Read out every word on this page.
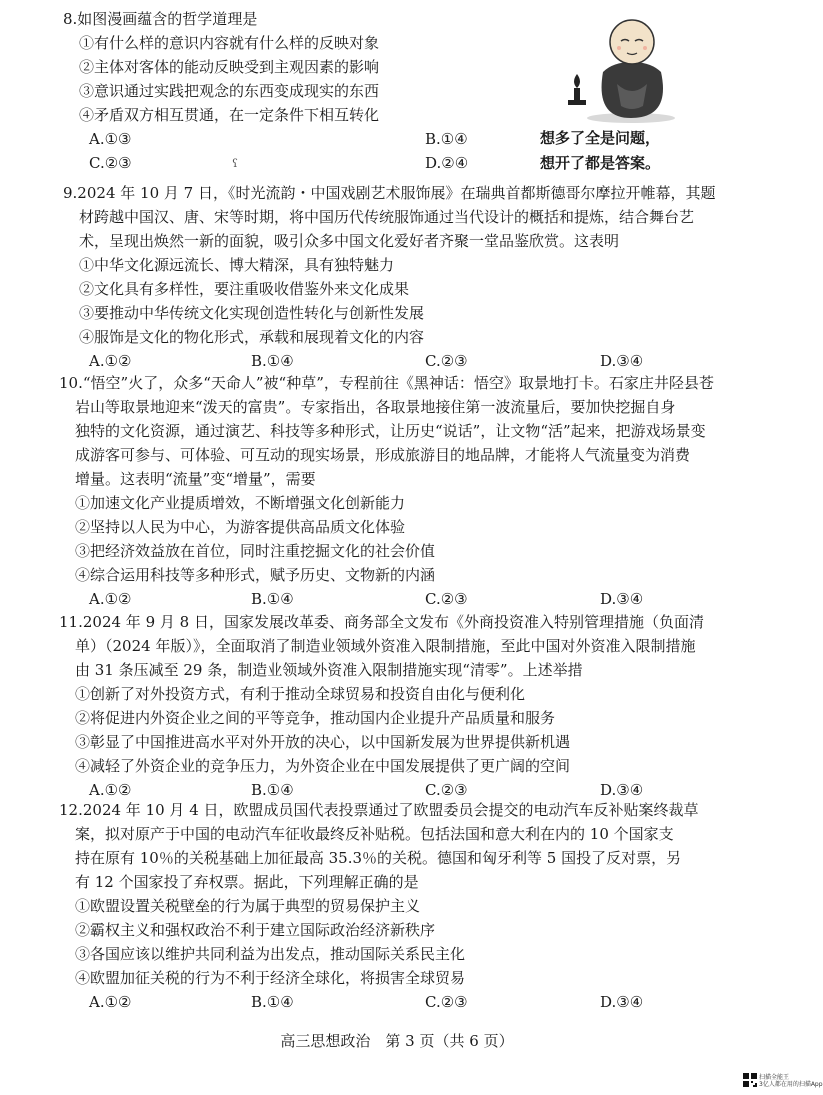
8.如图漫画蕴含的哲学道理是
①有什么样的意识内容就有什么样的反映对象
②主体对客体的能动反映受到主观因素的影响
③意识通过实践把观念的东西变成现实的东西
④矛盾双方相互贯通，在一定条件下相互转化
A.①③	B.①④
C.②③	D.②④
ʕ
想多了全是问题，
想开了都是答案。
9.2024 年 10 月 7 日，《时光流韵・中国戏剧艺术服饰展》在瑞典首都斯德哥尔摩拉开帷幕，其题
材跨越中国汉、唐、宋等时期，将中国历代传统服饰通过当代设计的概括和提炼，结合舞台艺
术，呈现出焕然一新的面貌，吸引众多中国文化爱好者齐聚一堂品鉴欣赏。这表明
①中华文化源远流长、博大精深，具有独特魅力
②文化具有多样性，要注重吸收借鉴外来文化成果
③要推动中华传统文化实现创造性转化与创新性发展
④服饰是文化的物化形式，承载和展现着文化的内容
A.①②	B.①④	C.②③	D.③④
10.“悟空”火了，众多“天命人”被“种草”，专程前往《黑神话：悟空》取景地打卡。石家庄井陉县苍
岩山等取景地迎来“泼天的富贵”。专家指出，各取景地接住第一波流量后，要加快挖掘自身
独特的文化资源，通过演艺、科技等多种形式，让历史“说话”，让文物“活”起来，把游戏场景变
成游客可参与、可体验、可互动的现实场景，形成旅游目的地品牌，才能将人气流量变为消费
增量。这表明“流量”变“增量”，需要
①加速文化产业提质增效，不断增强文化创新能力
②坚持以人民为中心，为游客提供高品质文化体验
③把经济效益放在首位，同时注重挖掘文化的社会价值
④综合运用科技等多种形式，赋予历史、文物新的内涵
A.①②	B.①④	C.②③	D.③④
11.2024 年 9 月 8 日，国家发展改革委、商务部全文发布《外商投资准入特别管理措施（负面清
单）（2024 年版）》，全面取消了制造业领域外资准入限制措施，至此中国对外资准入限制措施
由 31 条压减至 29 条，制造业领域外资准入限制措施实现“清零”。上述举措
①创新了对外投资方式，有利于推动全球贸易和投资自由化与便利化
②将促进内外资企业之间的平等竞争，推动国内企业提升产品质量和服务
③彰显了中国推进高水平对外开放的决心，以中国新发展为世界提供新机遇
④减轻了外资企业的竞争压力，为外资企业在中国发展提供了更广阔的空间
A.①②	B.①④	C.②③	D.③④
12.2024 年 10 月 4 日，欧盟成员国代表投票通过了欧盟委员会提交的电动汽车反补贴案终裁草
案，拟对原产于中国的电动汽车征收最终反补贴税。包括法国和意大利在内的 10 个国家支
持在原有 10％的关税基础上加征最高 35.3％的关税。德国和匈牙利等 5 国投了反对票，另
有 12 个国家投了弃权票。据此，下列理解正确的是
①欧盟设置关税壁垒的行为属于典型的贸易保护主义
②霸权主义和强权政治不利于建立国际政治经济新秩序
③各国应该以维护共同利益为出发点，推动国际关系民主化
④欧盟加征关税的行为不利于经济全球化，将损害全球贸易
A.①②	B.①④	C.②③	D.③④
高三思想政治　第 3 页（共 6 页）
扫描全能王
3亿人都在用的扫描App
